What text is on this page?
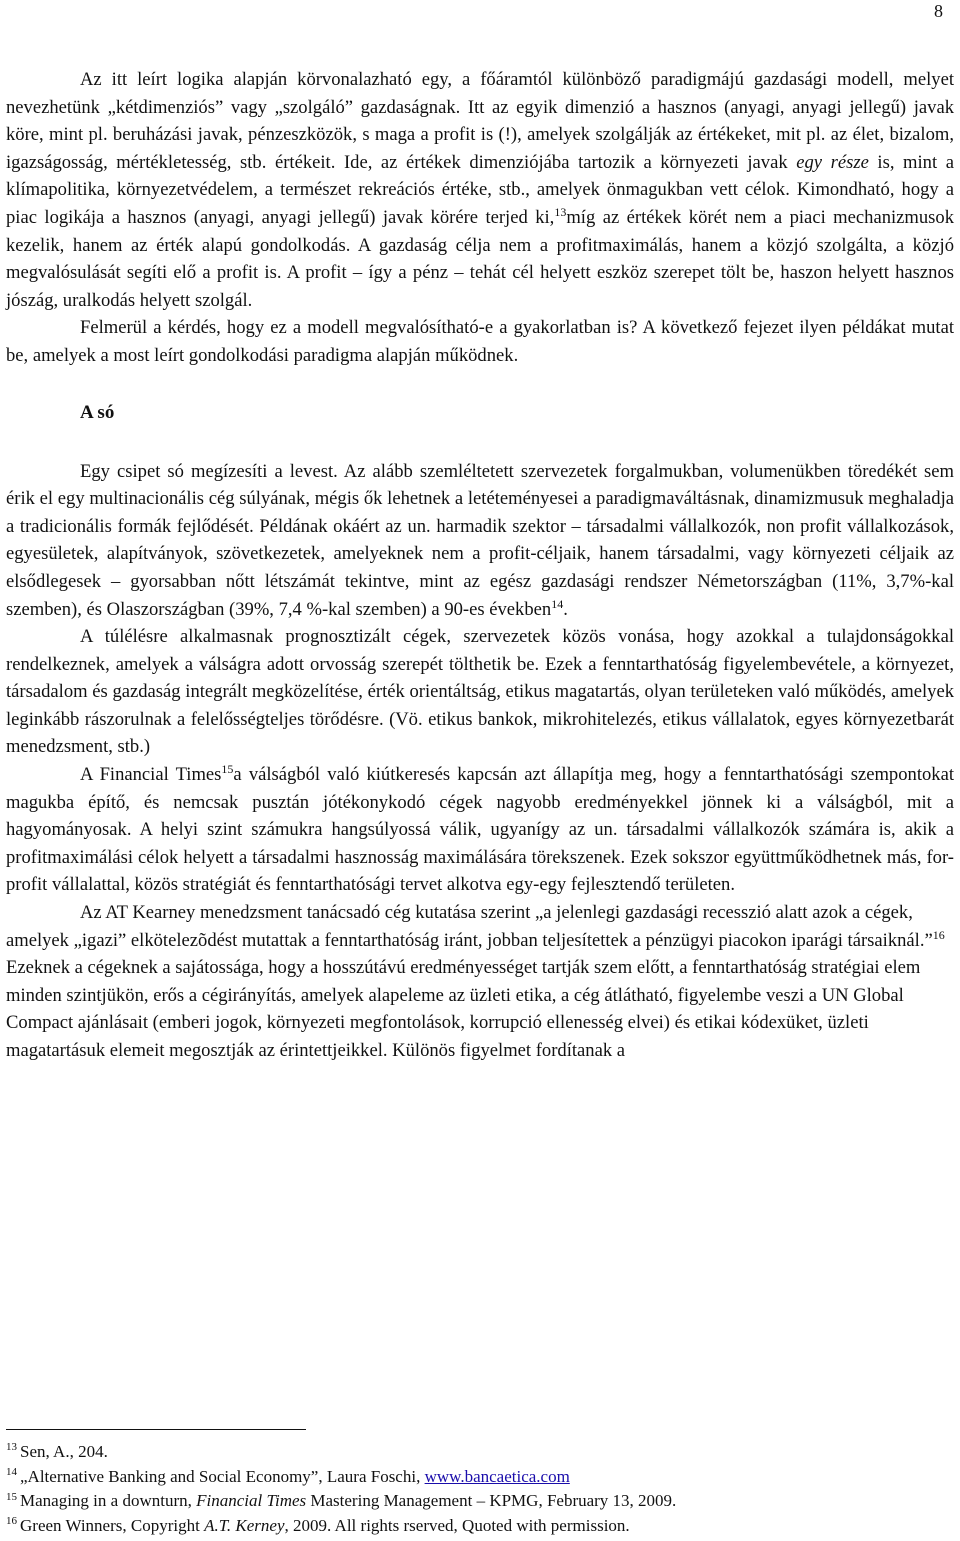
8

Az itt leírt logika alapján körvonalazható egy, a főáramtól különböző paradigmájú gazdasági modell, melyet nevezhetünk „kétdimenziós” vagy „szolgáló” gazdaságnak. Itt az egyik dimenzió a hasznos (anyagi, anyagi jellegű) javak köre, mint pl. beruházási javak, pénzeszközök, s maga a profit is (!), amelyek szolgálják az értékeket, mit pl. az élet, bizalom, igazságosság, mértékletesség, stb. értékeit. Ide, az értékek dimenziójába tartozik a környezeti javak egy része is, mint a klímapolitika, környezetvédelem, a természet rekreációs értéke, stb., amelyek önmagukban vett célok. Kimondható, hogy a piac logikája a hasznos (anyagi, anyagi jellegű) javak körére terjed ki,$^{13}$míg az értékek körét nem a piaci mechanizmusok kezelik, hanem az érték alapú gondolkodás. A gazdaság célja nem a profitmaximálás, hanem a közjó szolgálta, a közjó megvalósulását segíti elő a profit is. A profit – így a pénz – tehát cél helyett eszköz szerepet tölt be, haszon helyett hasznos jószág, uralkodás helyett szolgál.

Felmerül a kérdés, hogy ez a modell megvalósítható-e a gyakorlatban is? A következő fejezet ilyen példákat mutat be, amelyek a most leírt gondolkodási paradigma alapján működnek.

A só

Egy csipet só megízesíti a levest. Az alább szemléltetett szervezetek forgalmukban, volumenükben töredékét sem érik el egy multinacionális cég súlyának, mégis ők lehetnek a letéteményesei a paradigmaváltásnak, dinamizmusuk meghaladja a tradicionális formák fejlődését. Példának okáért az un. harmadik szektor – társadalmi vállalkozók, non profit vállalkozások, egyesületek, alapítványok, szövetkezetek, amelyeknek nem a profit-céljaik, hanem társadalmi, vagy környezeti céljaik az elsődlegesek – gyorsabban nőtt létszámát tekintve, mint az egész gazdasági rendszer Németországban (11%, 3,7%-kal szemben), és Olaszországban (39%, 7,4 %-kal szemben) a 90-es években$^{14}$.

A túlélésre alkalmasnak prognosztizált cégek, szervezetek közös vonása, hogy azokkal a tulajdonságokkal rendelkeznek, amelyek a válságra adott orvosság szerepét tölthetik be. Ezek a fenntarthatóság figyelembevétele, a környezet, társadalom és gazdaság integrált megközelítése, érték orientáltság, etikus magatartás, olyan területeken való működés, amelyek leginkább rászorulnak a felelősségteljes törődésre. (Vö. etikus bankok, mikrohitelezés, etikus vállalatok, egyes környezetbarát menedzsment, stb.)

A Financial Times$^{15}$a válságból való kiútkeresés kapcsán azt állapítja meg, hogy a fenntarthatósági szempontokat magukba építő, és nemcsak pusztán jótékonykodó cégek nagyobb eredményekkel jönnek ki a válságból, mit a hagyományosak. A helyi szint számukra hangsúlyossá válik, ugyanígy az un. társadalmi vállalkozók számára is, akik a profitmaximálási célok helyett a társadalmi hasznosság maximálására törekszenek. Ezek sokszor együttműködhetnek más, for-profit vállalattal, közös stratégiát és fenntarthatósági tervet alkotva egy-egy fejlesztendő területen.

Az AT Kearney menedzsment tanácsadó cég kutatása szerint „a jelenlegi gazdasági recesszió alatt azok a cégek, amelyek „igazi” elkötelezõdést mutattak a fenntarthatóság iránt, jobban teljesítettek a pénzügyi piacokon iparági társaiknál.”$^{16}$ Ezeknek a cégeknek a sajátossága, hogy a hosszútávú eredményességet tartják szem előtt, a fenntarthatóság stratégiai elem minden szintjükön, erős a cégirányítás, amelyek alapeleme az üzleti etika, a cég átlátható, figyelembe veszi a UN Global Compact ajánlásait (emberi jogok, környezeti megfontolások, korrupció ellenesség elvei) és etikai kódexüket, üzleti magatartásuk elemeit megosztják az érintettjeikkel. Különös figyelmet fordítanak a

$^{13}$ Sen, A., 204.
$^{14}$ „Alternative Banking and Social Economy”, Laura Foschi, www.bancaetica.com
$^{15}$ Managing in a downturn, Financial Times Mastering Management – KPMG, February 13, 2009.
$^{16}$ Green Winners, Copyright A.T. Kerney, 2009. All rights rserved, Quoted with permission.
